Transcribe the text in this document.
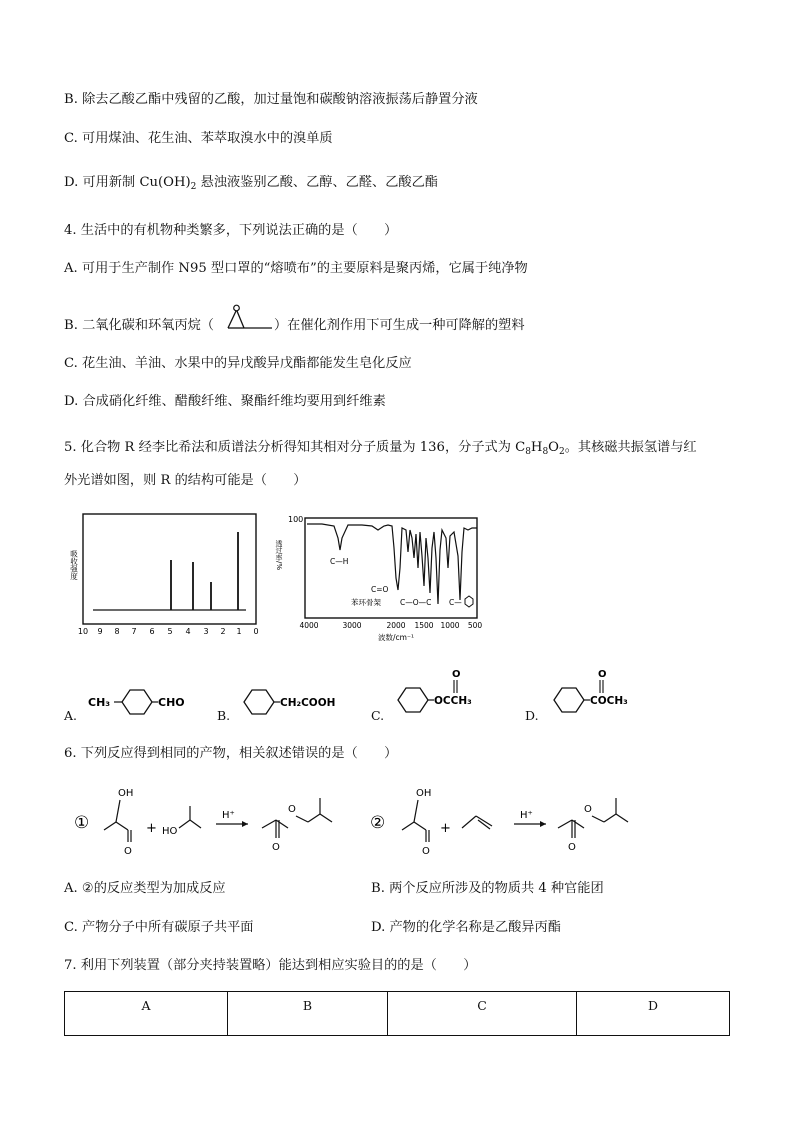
B. 除去乙酸乙酯中残留的乙酸，加过量饱和碳酸钠溶液振荡后静置分液
C. 可用煤油、花生油、苯萃取溴水中的溴单质
D. 可用新制 $Cu(OH)_2$ 悬浊液鉴别乙酸、乙醇、乙醛、乙酸乙酯
4. 生活中的有机物种类繁多，下列说法正确的是（　　）
A. 可用于生产制作 N95 型口罩的“熔喷布”的主要原料是聚丙烯，它属于纯净物
B. 二氧化碳和环氧丙烷（	）在催化剂作用下可生成一种可降解的塑料
C. 花生油、羊油、水果中的异戊酸异戊酯都能发生皂化反应
D. 合成硝化纤维、醋酸纤维、聚酯纤维均要用到纤维素
5. 化合物 R 经李比希法和质谱法分析得知其相对分子质量为 136，分子式为 $C_8H_8O_2$。其核磁共振氢谱与红
外光谱如图，则 R 的结构可能是（　　）
吸收强度
10 9 8 7 6 5 4 3 2 1 0
100
透过率/%	C—H
C=O
苯环骨架	C—O—C C—
4000	3000	2000 1500 1000 500
波数/cm⁻¹
A.
CH₃	CHO
B.
CH₂COOH
C.
O
OCCH₃
D.
O
COCH₃
6. 下列反应得到相同的产物，相关叙述错误的是（　　）
①
OH
O
+ HO
H⁺
O
O
②
OH
O
+
H⁺
O
O
A. ②的反应类型为加成反应	B. 两个反应所涉及的物质共 4 种官能团
C. 产物分子中所有碳原子共平面	D. 产物的化学名称是乙酸异丙酯
7. 利用下列装置（部分夹持装置略）能达到相应实验目的的是（　　）
A	B	C	D
